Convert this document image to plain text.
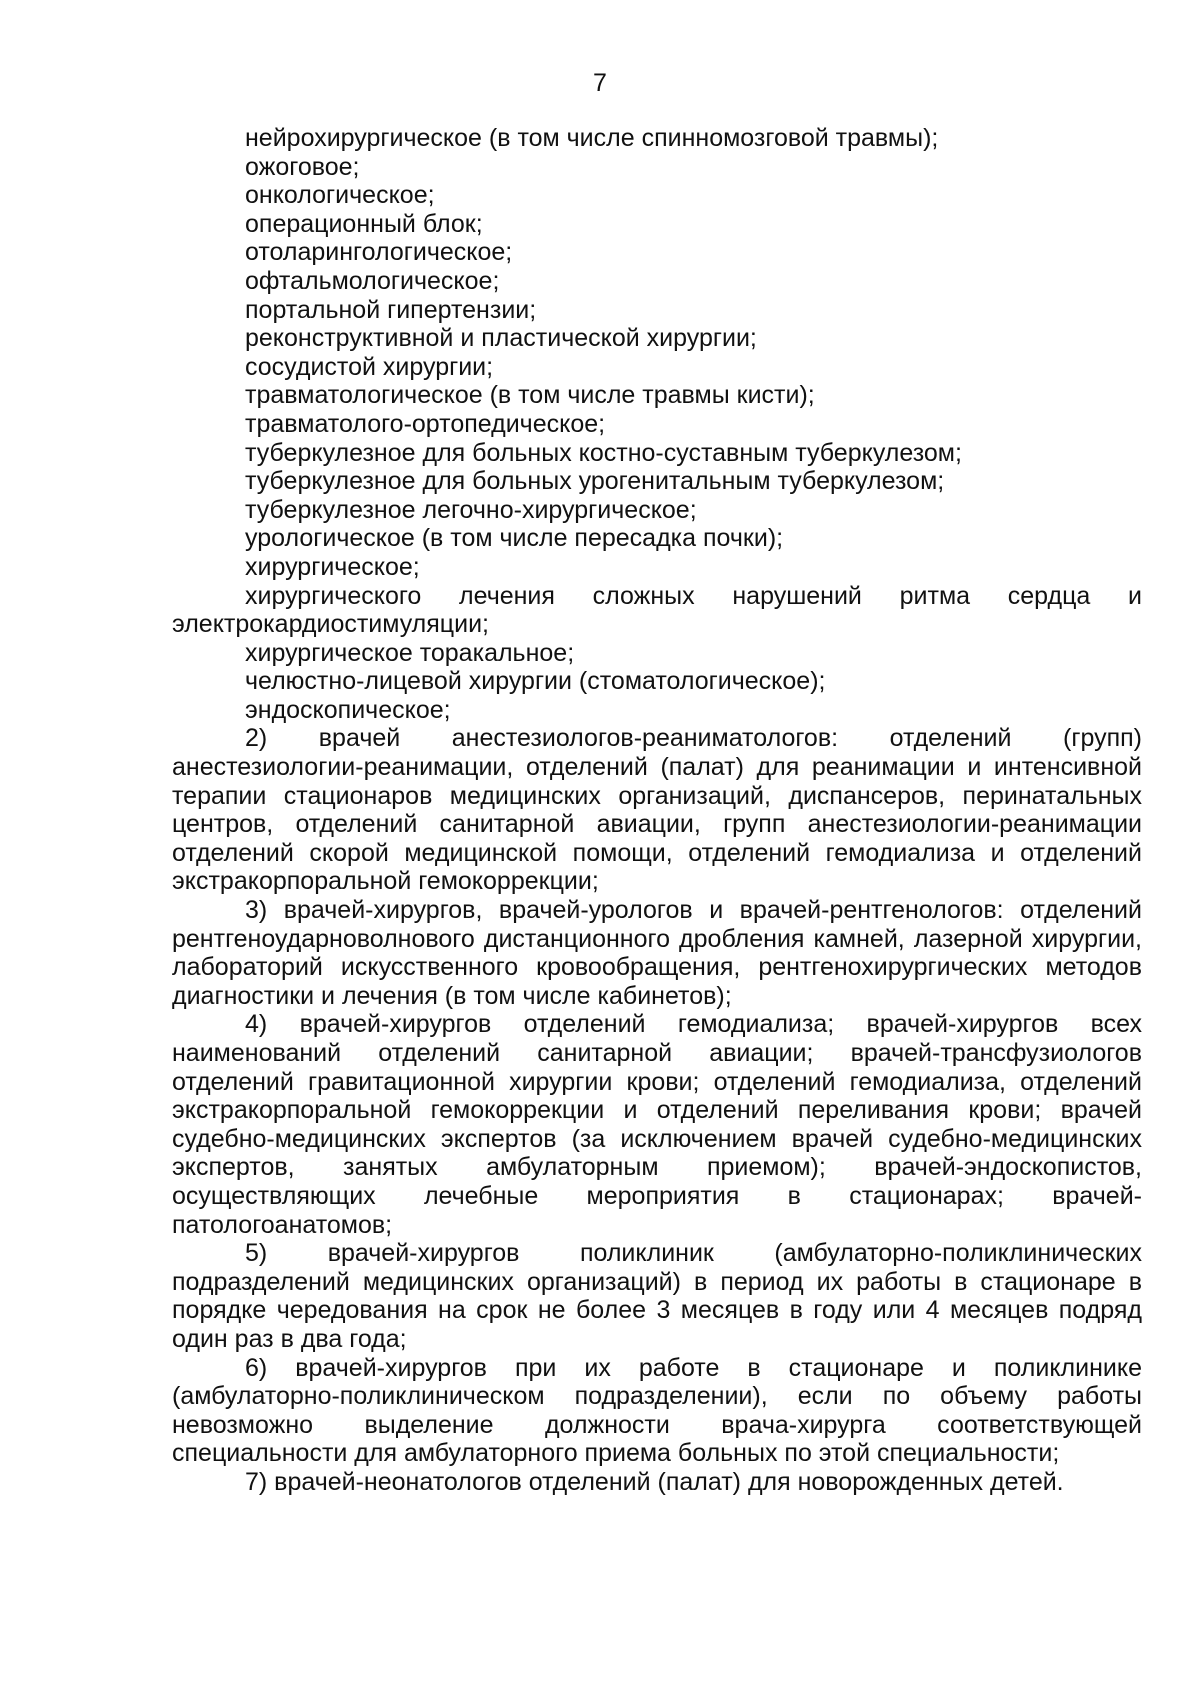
7

нейрохирургическое (в том числе спинномозговой травмы);

ожоговое;

онкологическое;

операционный блок;

отоларингологическое;

офтальмологическое;

портальной гипертензии;

реконструктивной и пластической хирургии;

сосудистой хирургии;

травматологическое (в том числе травмы кисти);

травматолого-ортопедическое;

туберкулезное для больных костно-суставным туберкулезом;

туберкулезное для больных урогенитальным туберкулезом;

туберкулезное легочно-хирургическое;

урологическое (в том числе пересадка почки);

хирургическое;

хирургического лечения сложных нарушений ритма сердца и электрокардиостимуляции;

хирургическое торакальное;

челюстно-лицевой хирургии (стоматологическое);

эндоскопическое;

2) врачей анестезиологов-реаниматологов: отделений (групп) анестезиологии-реанимации, отделений (палат) для реанимации и интенсивной терапии стационаров медицинских организаций, диспансеров, перинатальных центров, отделений санитарной авиации, групп анестезиологии-реанимации отделений скорой медицинской помощи, отделений гемодиализа и отделений экстракорпоральной гемокоррекции;

3) врачей-хирургов, врачей-урологов и врачей-рентгенологов: отделений рентгеноударноволнового дистанционного дробления камней, лазерной хирургии, лабораторий искусственного кровообращения, рентгенохирургических методов диагностики и лечения (в том числе кабинетов);

4) врачей-хирургов отделений гемодиализа; врачей-хирургов всех наименований отделений санитарной авиации; врачей-трансфузиологов отделений гравитационной хирургии крови; отделений гемодиализа, отделений экстракорпоральной гемокоррекции и отделений переливания крови; врачей судебно-медицинских экспертов (за исключением врачей судебно-медицинских экспертов, занятых амбулаторным приемом); врачей-эндоскопистов, осуществляющих лечебные мероприятия в стационарах; врачей-патологоанатомов;

5) врачей-хирургов поликлиник (амбулаторно-поликлинических подразделений медицинских организаций) в период их работы в стационаре в порядке чередования на срок не более 3 месяцев в году или 4 месяцев подряд один раз в два года;

6) врачей-хирургов при их работе в стационаре и поликлинике (амбулаторно-поликлиническом подразделении), если по объему работы невозможно выделение должности врача-хирурга соответствующей специальности для амбулаторного приема больных по этой специальности;

7) врачей-неонатологов отделений (палат) для новорожденных детей.
